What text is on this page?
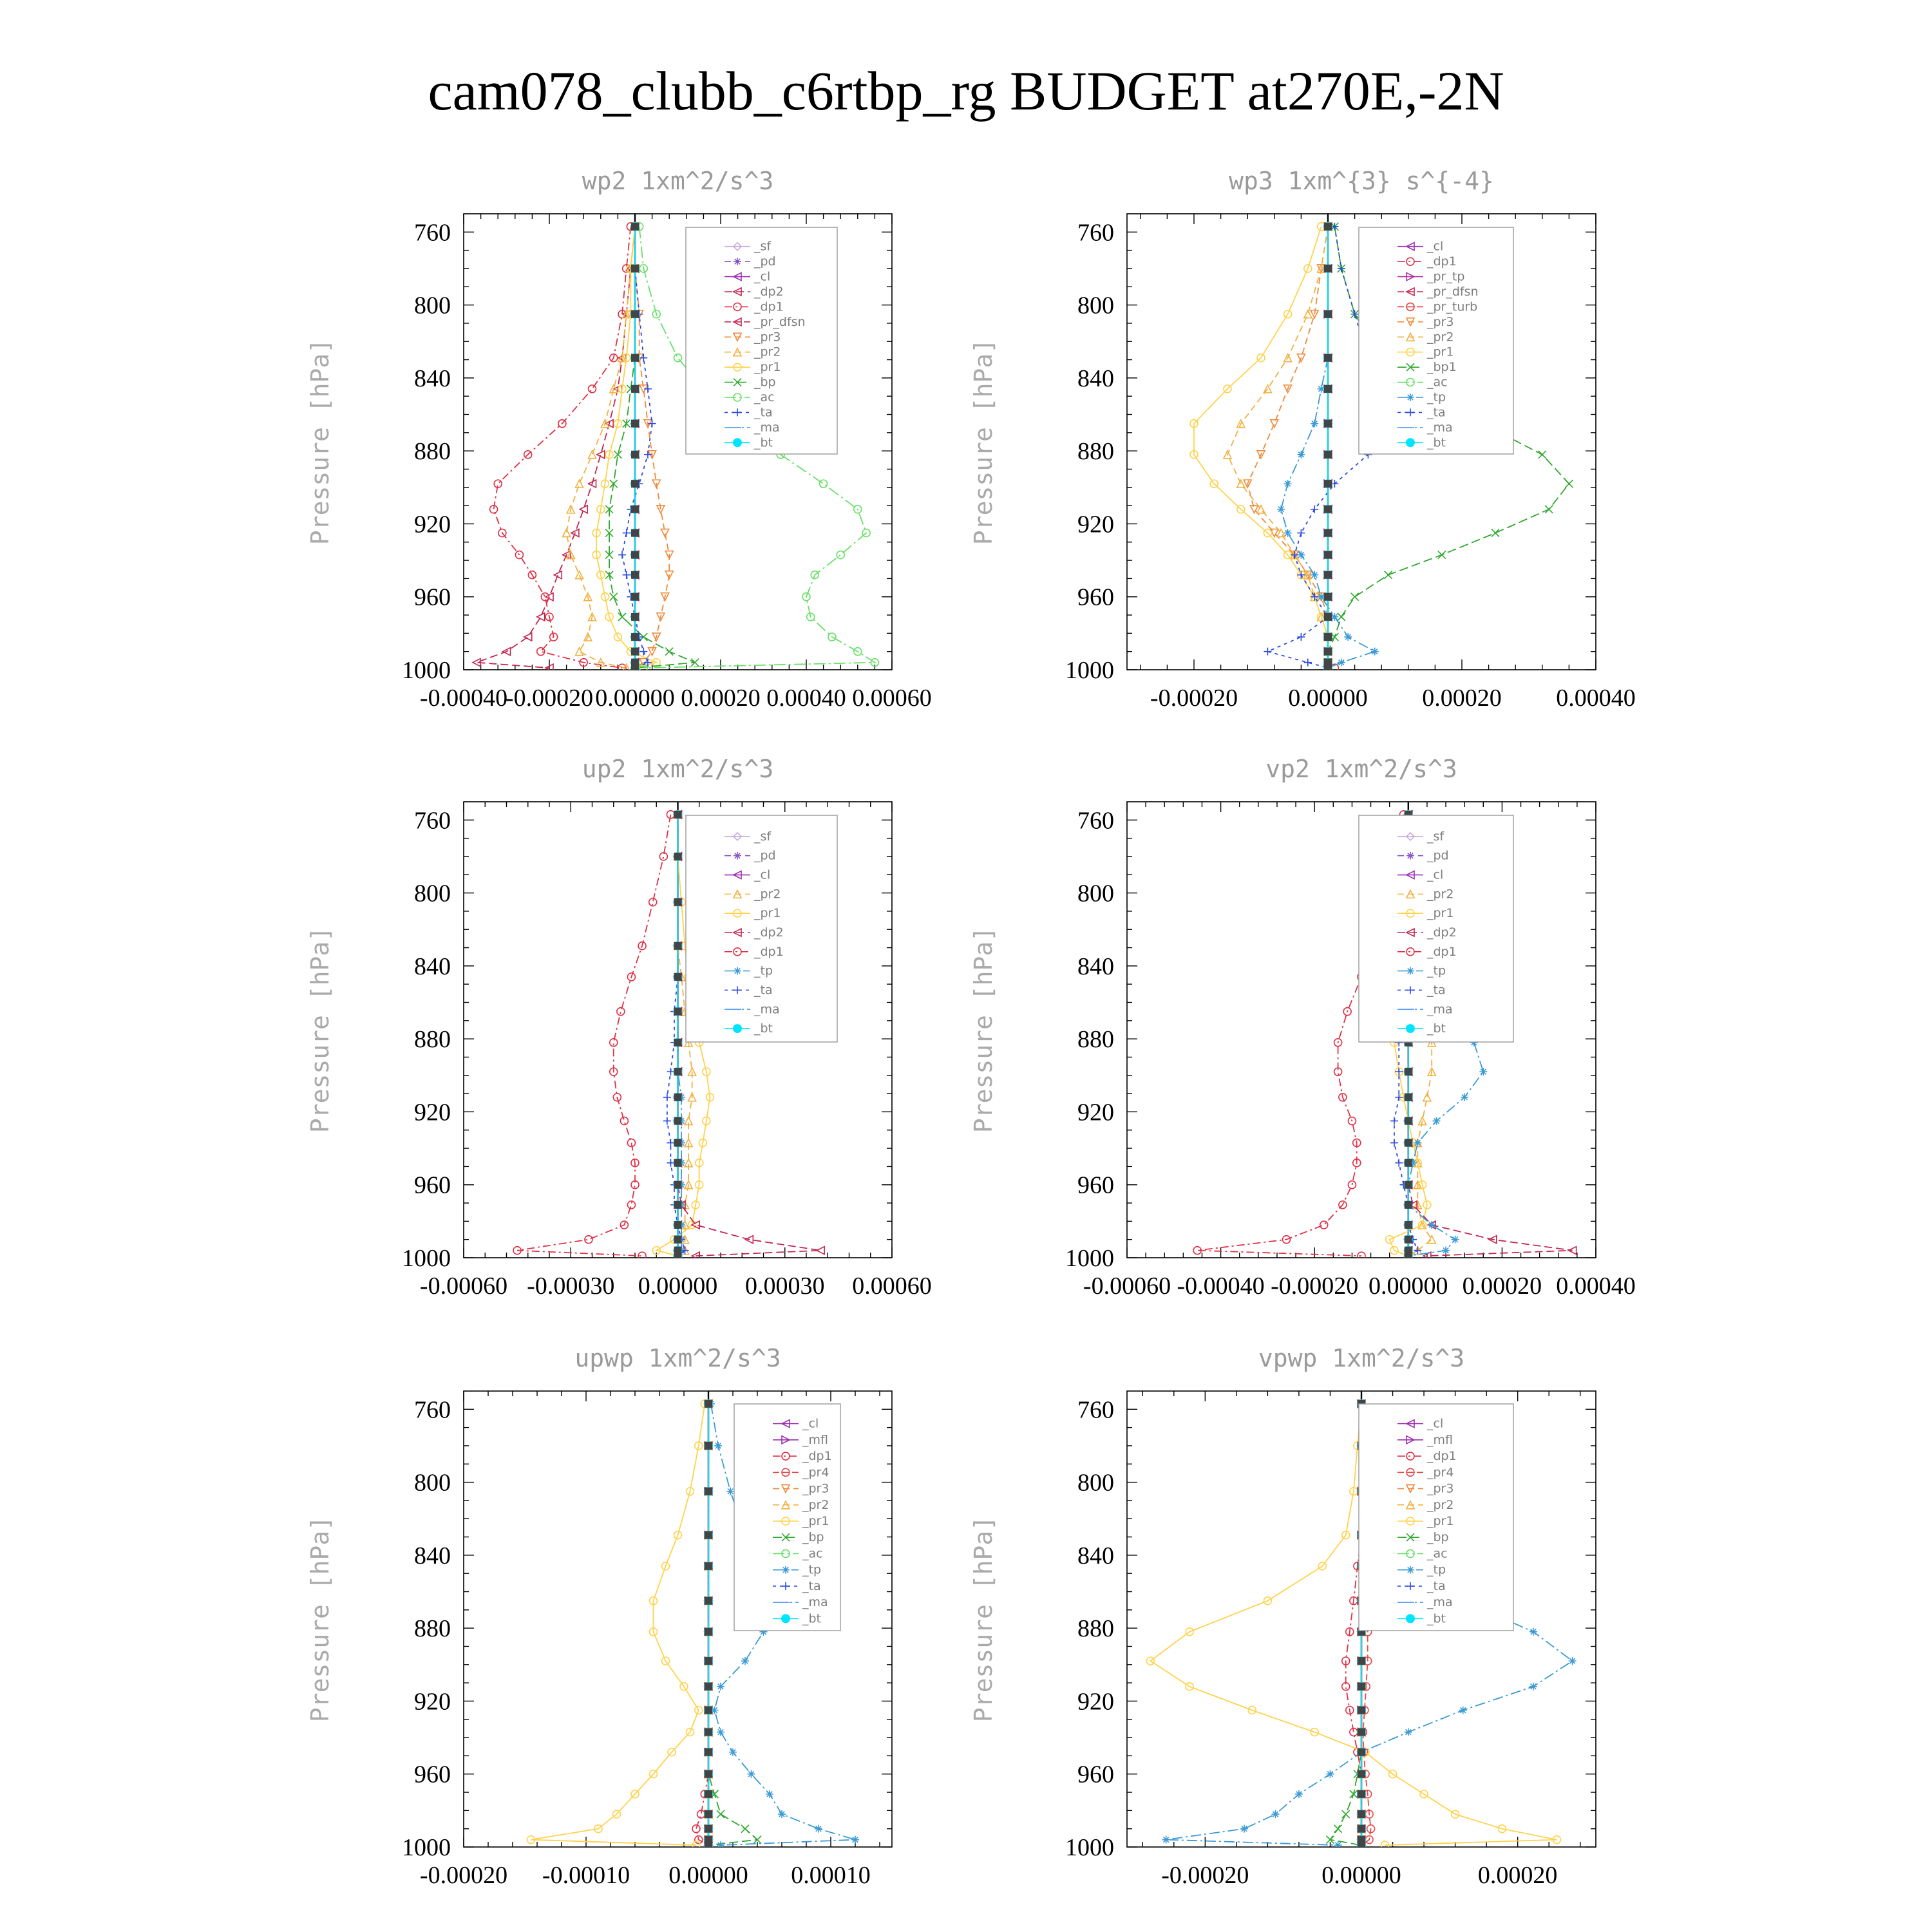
cam078_clubb_c6rtbp_rg BUDGET at270E,-2N
wp2 1xm^2/s^3
Pressure [hPa]
760
800
840
880
920
960
1000
-0.00040
-0.00020 0.00000 0.00020 0.00040 0.00060
_sf
_pd
_cl
_dp2
_dp1
_pr_dfsn
_pr3
_pr2
_pr1
_bp
_ac
_ta
_ma
_bt
wp3 1xm^{3} s^{-4}
Pressure [hPa]
760
800
840
880
920
960
1000
-0.00020 0.00000 0.00020 0.00040
_cl
_dp1
_pr_tp
_pr_dfsn
_pr_turb
_pr3
_pr2
_pr1
_bp1
_ac
_tp
_ta
_ma
_bt
up2 1xm^2/s^3
Pressure [hPa]
760
800
840
880
920
960
1000
-0.00060 -0.00030 0.00000 0.00030 0.00060
_sf
_pd
_cl
_pr2
_pr1
_dp2
_dp1
_tp
_ta
_ma
_bt
vp2 1xm^2/s^3
Pressure [hPa]
760
800
840
880
920
960
1000
-0.00060 -0.00040 -0.00020 0.00000 0.00020 0.00040
_sf
_pd
_cl
_pr2
_pr1
_dp2
_dp1
_tp
_ta
_ma
_bt
upwp 1xm^2/s^3
Pressure [hPa]
760
800
840
880
920
960
1000
-0.00020 -0.00010 0.00000 0.00010
_cl
_mfl
_dp1
_pr4
_pr3
_pr2
_pr1
_bp
_ac
_tp
_ta
_ma
_bt
vpwp 1xm^2/s^3
Pressure [hPa]
760
800
840
880
920
960
1000
-0.00020	0.00000	0.00020
_cl
_mfl
_dp1
_pr4
_pr3
_pr2
_pr1
_bp
_ac
_tp
_ta
_ma
_bt
